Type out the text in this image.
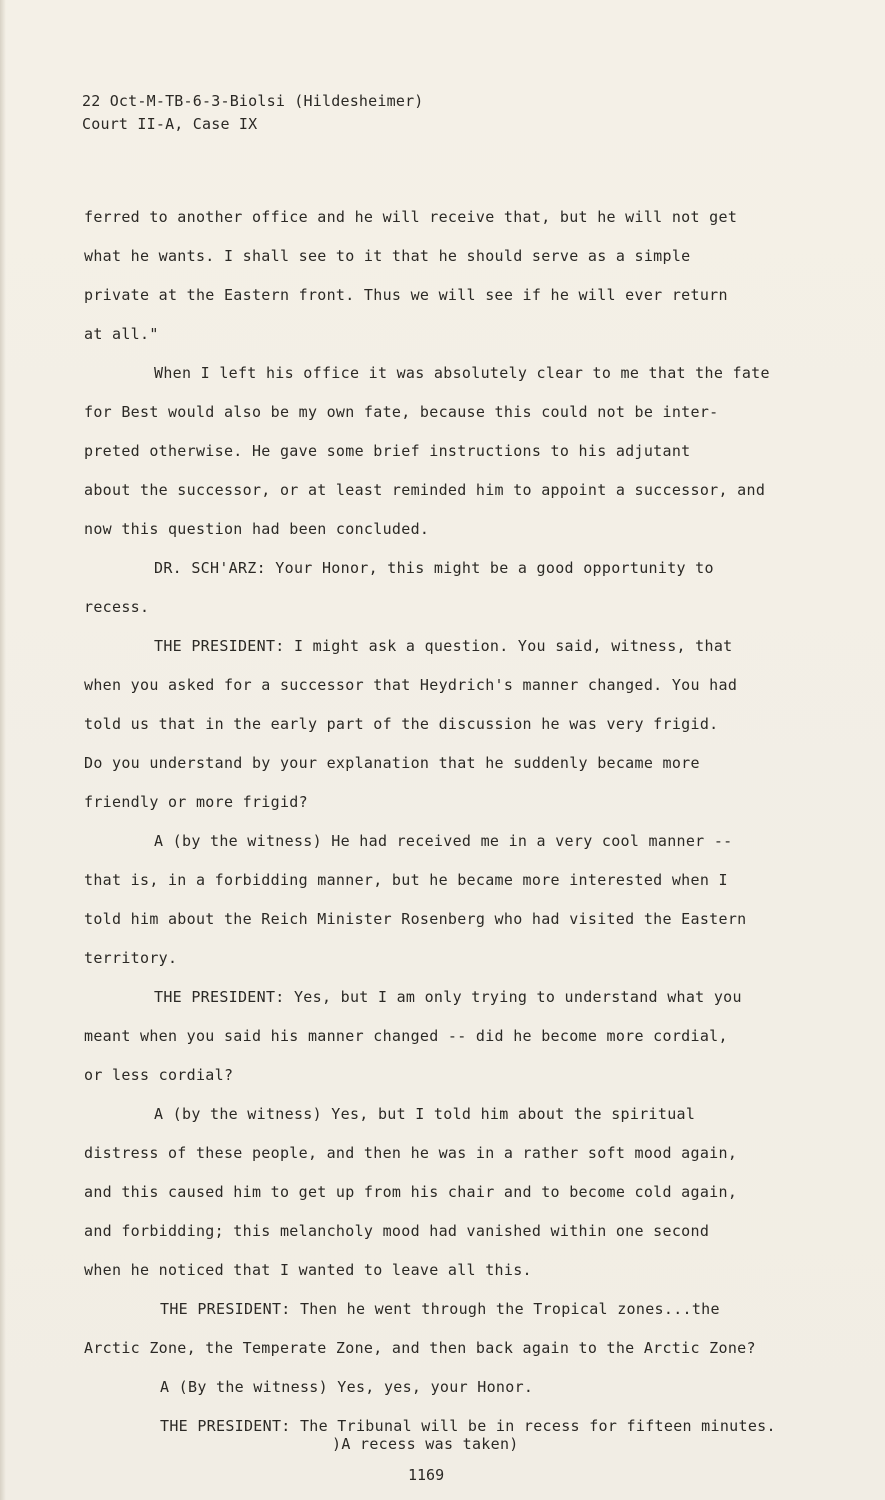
22 Oct-M-TB-6-3-Biolsi (Hildesheimer)
Court II-A, Case IX
ferred to another office and he will receive that, but he will not get
what he wants. I shall see to it that he should serve as a simple
private at the Eastern front. Thus we will see if he will ever return
at all."
When I left his office it was absolutely clear to me that the fate
for Best would also be my own fate, because this could not be inter-
preted otherwise. He gave some brief instructions to his adjutant
about the successor, or at least reminded him to appoint a successor, and
now this question had been concluded.
DR. SCH'ARZ: Your Honor, this might be a good opportunity to
recess.
THE PRESIDENT: I might ask a question. You said, witness, that
when you asked for a successor that Heydrich's manner changed. You had
told us that in the early part of the discussion he was very frigid.
Do you understand by your explanation that he suddenly became more
friendly or more frigid?
A (by the witness) He had received me in a very cool manner --
that is, in a forbidding manner, but he became more interested when I
told him about the Reich Minister Rosenberg who had visited the Eastern
territory.
THE PRESIDENT: Yes, but I am only trying to understand what you
meant when you said his manner changed -- did he become more cordial,
or less cordial?
A (by the witness) Yes, but I told him about the spiritual
distress of these people, and then he was in a rather soft mood again,
and this caused him to get up from his chair and to become cold again,
and forbidding; this melancholy mood had vanished within one second
when he noticed that I wanted to leave all this.
THE PRESIDENT: Then he went through the Tropical zones...the
Arctic Zone, the Temperate Zone, and then back again to the Arctic Zone?
A (By the witness) Yes, yes, your Honor.
THE PRESIDENT: The Tribunal will be in recess for fifteen minutes.
)A recess was taken)
1169
